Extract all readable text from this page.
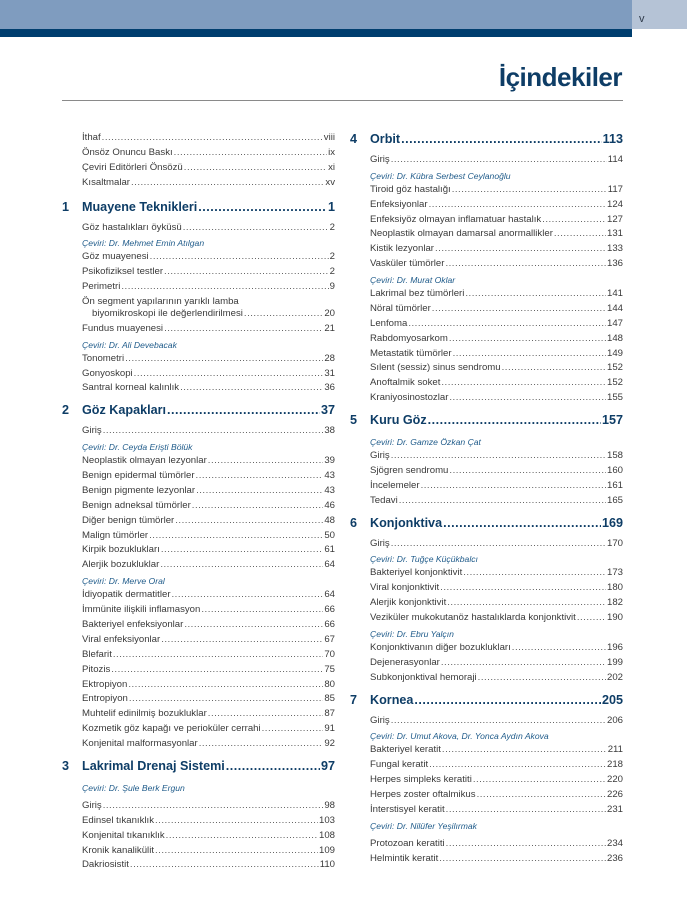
v
İçindekiler
İthaf .....	viii
Önsöz Onuncu Baskı .....	ix
Çeviri Editörleri Önsözü .....	xi
Kısaltmalar .....	xv
1	Muayene Teknikleri .....	1
Göz hastalıkları öyküsü .....	2
Çeviri: Dr. Mehmet Emin Atılgan
Göz muayenesi .....	2
Psikofiziksel testler .....	2
Perimetri .....	9
Ön segment yapılarının yarıklı lamba
biyomikroskopi ile değerlendirilmesi .....	20
Fundus muayenesi .....	21
Çeviri: Dr. Ali Devebacak
Tonometri .....	28
Gonyoskopi .....	31
Santral korneal kalınlık .....	36
2	Göz Kapakları .....	37
Giriş .....	38
Çeviri: Dr. Ceyda Erişti Bölük
Neoplastik olmayan lezyonlar .....	39
Benign epidermal tümörler .....	43
Benign pigmente lezyonlar .....	43
Benign adneksal tümörler .....	46
Diğer benign tümörler .....	48
Malign tümörler .....	50
Kirpik bozuklukları .....	61
Alerjik bozukluklar .....	64
Çeviri: Dr. Merve Oral
İdiyopatik dermatitler .....	64
İmmünite ilişkili inflamasyon .....	66
Bakteriyel enfeksiyonlar .....	66
Viral enfeksiyonlar .....	67
Blefarit .....	70
Pitozis .....	75
Ektropiyon .....	80
Entropiyon .....	85
Muhtelif edinilmiş bozukluklar .....	87
Kozmetik göz kapağı ve perioküler cerrahi .....	91
Konjenital malformasyonlar .....	92
3	Lakrimal Drenaj Sistemi .....	97
Çeviri: Dr. Şule Berk Ergun
Giriş .....	98
Edinsel tıkanıklık .....	103
Konjenital tıkanıklık .....	108
Kronik kanalikülit .....	109
Dakriosistit .....	110
4	Orbit .....	113
Giriş .....	114
Çeviri: Dr. Kübra Serbest Ceylanoğlu
Tiroid göz hastalığı .....	117
Enfeksiyonlar .....	124
Enfeksiyöz olmayan inflamatuar hastalık .....	127
Neoplastik olmayan damarsal anormallikler .....	131
Kistik lezyonlar .....	133
Vasküler tümörler .....	136
Çeviri: Dr. Murat Oklar
Lakrimal bez tümörleri .....	141
Nöral tümörler .....	144
Lenfoma .....	147
Rabdomyosarkom .....	148
Metastatik tümörler .....	149
Sılent (sessiz) sinus sendromu .....	152
Anoftalmik soket .....	152
Kraniyosinostozlar .....	155
5	Kuru Göz .....	157
Çeviri: Dr. Gamze Özkan Çat
Giriş .....	158
Sjögren sendromu .....	160
İncelemeler .....	161
Tedavi .....	165
6	Konjonktiva .....	169
Giriş .....	170
Çeviri: Dr. Tuğçe Küçükbalcı
Bakteriyel konjonktivit .....	173
Viral konjonktivit .....	180
Alerjik konjonktivit .....	182
Veziküler mukokutanöz hastalıklarda konjonktivit .....	190
Çeviri: Dr. Ebru Yalçın
Konjonktivanın diğer bozuklukları .....	196
Dejenerasyonlar .....	199
Subkonjonktival hemoraji .....	202
7	Kornea .....	205
Giriş .....	206
Çeviri: Dr. Umut Akova, Dr. Yonca Aydın Akova
Bakteriyel keratit .....	211
Fungal keratit .....	218
Herpes simpleks keratiti .....	220
Herpes zoster oftalmikus .....	226
İnterstisyel keratit .....	231
Çeviri: Dr. Nilüfer Yeşilırmak
Protozoan keratiti .....	234
Helmintik keratit .....	236
